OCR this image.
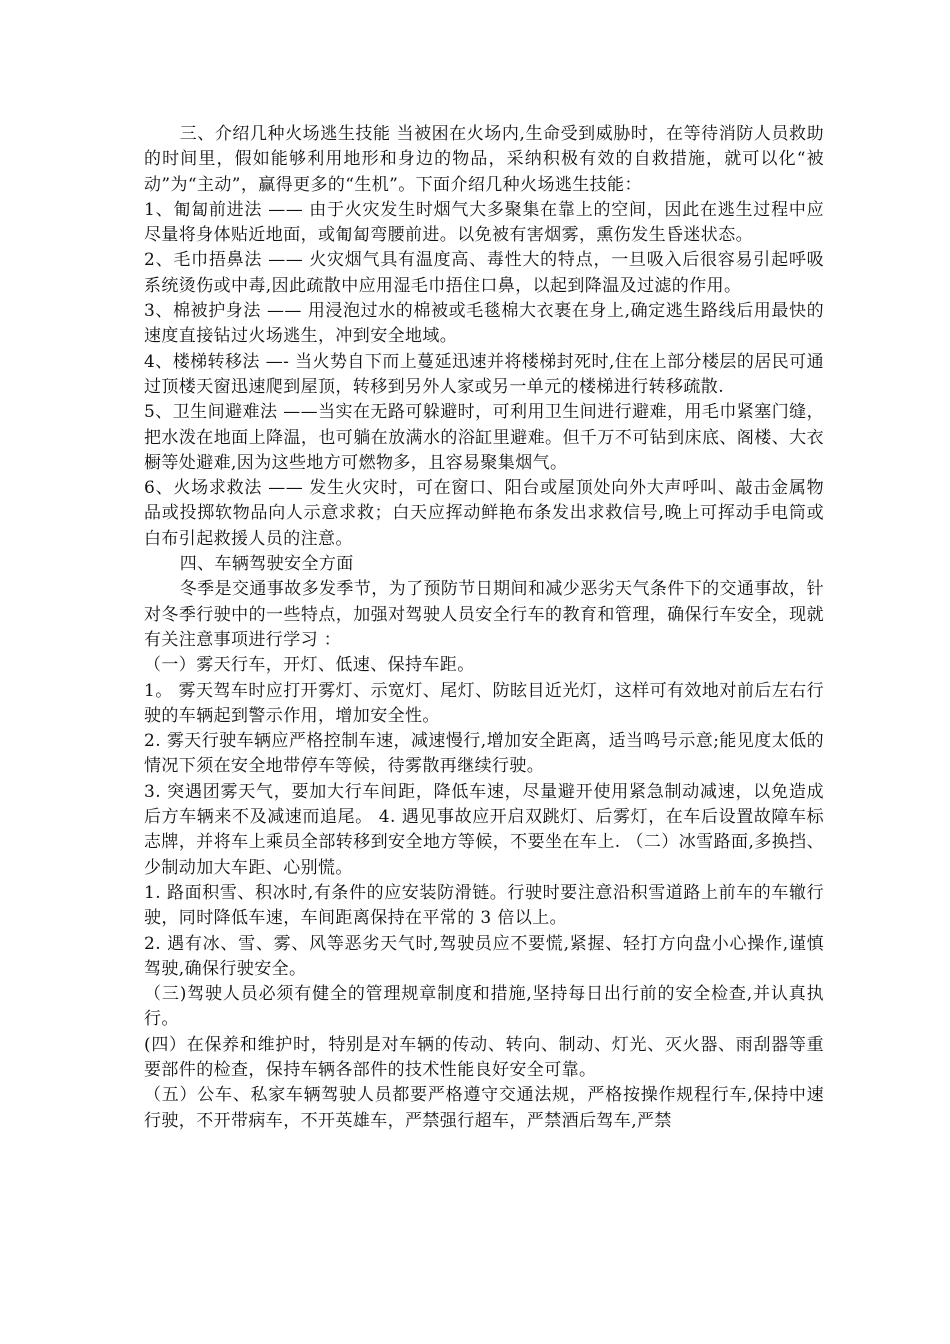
三、介绍几种火场逃生技能 当被困在火场内,生命受到威胁时，在等待消防人员救助的时间里，假如能够利用地形和身边的物品，采纳积极有效的自救措施，就可以化“被动”为“主动”，赢得更多的“生机”。下面介绍几种火场逃生技能：

1、匍匐前进法 —— 由于火灾发生时烟气大多聚集在靠上的空间，因此在逃生过程中应尽量将身体贴近地面，或匍匐弯腰前进。以免被有害烟雾，熏伤发生昏迷状态。

2、毛巾捂鼻法 —— 火灾烟气具有温度高、毒性大的特点，一旦吸入后很容易引起呼吸系统烫伤或中毒,因此疏散中应用湿毛巾捂住口鼻，以起到降温及过滤的作用。

3、棉被护身法 —— 用浸泡过水的棉被或毛毯棉大衣裹在身上,确定逃生路线后用最快的速度直接钻过火场逃生，冲到安全地域。

4、楼梯转移法 —- 当火势自下而上蔓延迅速并将楼梯封死时,住在上部分楼层的居民可通过顶楼天窗迅速爬到屋顶，转移到另外人家或另一单元的楼梯进行转移疏散.

5、卫生间避难法 ——当实在无路可躲避时，可利用卫生间进行避难，用毛巾紧塞门缝，把水泼在地面上降温，也可躺在放满水的浴缸里避难。但千万不可钻到床底、阁楼、大衣橱等处避难,因为这些地方可燃物多，且容易聚集烟气。

6、火场求救法 —— 发生火灾时，可在窗口、阳台或屋顶处向外大声呼叫、敲击金属物品或投掷软物品向人示意求救；白天应挥动鲜艳布条发出求救信号,晚上可挥动手电筒或白布引起救援人员的注意。

四、车辆驾驶安全方面

冬季是交通事故多发季节，为了预防节日期间和减少恶劣天气条件下的交通事故，针对冬季行驶中的一些特点，加强对驾驶人员安全行车的教育和管理，确保行车安全，现就有关注意事项进行学习 ：

（一）雾天行车，开灯、低速、保持车距。

1。 雾天驾车时应打开雾灯、示宽灯、尾灯、防眩目近光灯，这样可有效地对前后左右行驶的车辆起到警示作用，增加安全性。

2. 雾天行驶车辆应严格控制车速，减速慢行,增加安全距离，适当鸣号示意;能见度太低的情况下须在安全地带停车等候，待雾散再继续行驶。

3. 突遇团雾天气，要加大行车间距，降低车速，尽量避开使用紧急制动减速，以免造成后方车辆来不及减速而追尾。 4. 遇见事故应开启双跳灯、后雾灯，在车后设置故障车标志牌，并将车上乘员全部转移到安全地方等候，不要坐在车上. （二）冰雪路面,多换挡、少制动加大车距、心别慌。

1. 路面积雪、积冰时,有条件的应安装防滑链。行驶时要注意沿积雪道路上前车的车辙行驶，同时降低车速，车间距离保持在平常的 3 倍以上。

2. 遇有冰、雪、雾、风等恶劣天气时,驾驶员应不要慌,紧握、轻打方向盘小心操作,谨慎驾驶,确保行驶安全。

（三)驾驶人员必须有健全的管理规章制度和措施,坚持每日出行前的安全检查,并认真执行。

(四）在保养和维护时，特别是对车辆的传动、转向、制动、灯光、灭火器、雨刮器等重要部件的检查，保持车辆各部件的技术性能良好安全可靠。

（五）公车、私家车辆驾驶人员都要严格遵守交通法规，严格按操作规程行车,保持中速行驶，不开带病车，不开英雄车，严禁强行超车，严禁酒后驾车,严禁
